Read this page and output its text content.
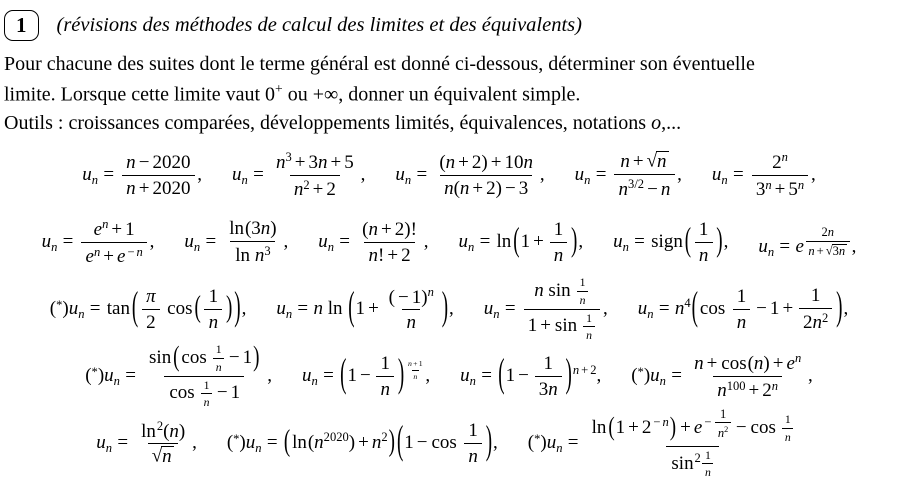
1	(révisions des méthodes de calcul des limites et des équivalents)

Pour chacune des suites dont le terme général est donné ci-dessous, déterminer son éventuelle
limite. Lorsque cette limite vaut 0+ ou +∞, donner un équivalent simple.
Outils : croissances comparées, développements limités, équivalences, notations o,...

un = $\frac{n - 2020}{n + 2020}$ , un = $\frac{n3 + 3n + 5}{n2 + 2}$ , un = $\frac{(n + 2) + 10n}{n(n + 2) - 3}$ , un = $\frac{n + √n}{n3/2 - n}$ , un = $\frac{2n}{3n + 5n}$ ,
un = $\frac{en + 1}{en + e - n}$ , un = $\frac{\ln(3n)}{\text{ln n3}}$ , un = $\frac{(n + 2)!}{n! + 2}$ , un = $\ln (1 + \frac{1}{n}$ ), un = sign ( $\frac{1}{n}$ ), un = e $\frac{2n}{n + √3n}$ ,
(*)un = tan ( $\frac{\pi}{2}$  cos ( $\frac{1}{n}$ ) ), un = n $\ln (1 + \frac{( - 1)n}{n}$ ), un = $\frac{n \sin \frac{1}{n}}{1 + \sin \frac{1}{n}}$ , un = n4( $\cos \frac{1}{n} - 1 + \frac{1}{2n2}$ ),
$(*)un = \frac{\sin ( \cos \frac{1}{n} - 1)}{\cos \frac{1}{n} - 1}$ , un = ($1 - \frac{1}{n}$ ) $\frac{n+1}{n}$ , un = $(1 - \frac{1}{3n} )n + 2$, $(*)un = \frac{n + \cos(n) + en}{n100 + 2n}$ ,
un = $\frac{\ln 2(n)}{√n}$ , (*)un = ( ln(n2020) + n2) ($1 - \cos \frac{1}{n}$ ), $(*)un = \frac{\ln (1 + 2 - n) + e - \frac{1}{n2} - \cos \frac{1}{n}}{\sin 2 \frac{1}{n}}$
